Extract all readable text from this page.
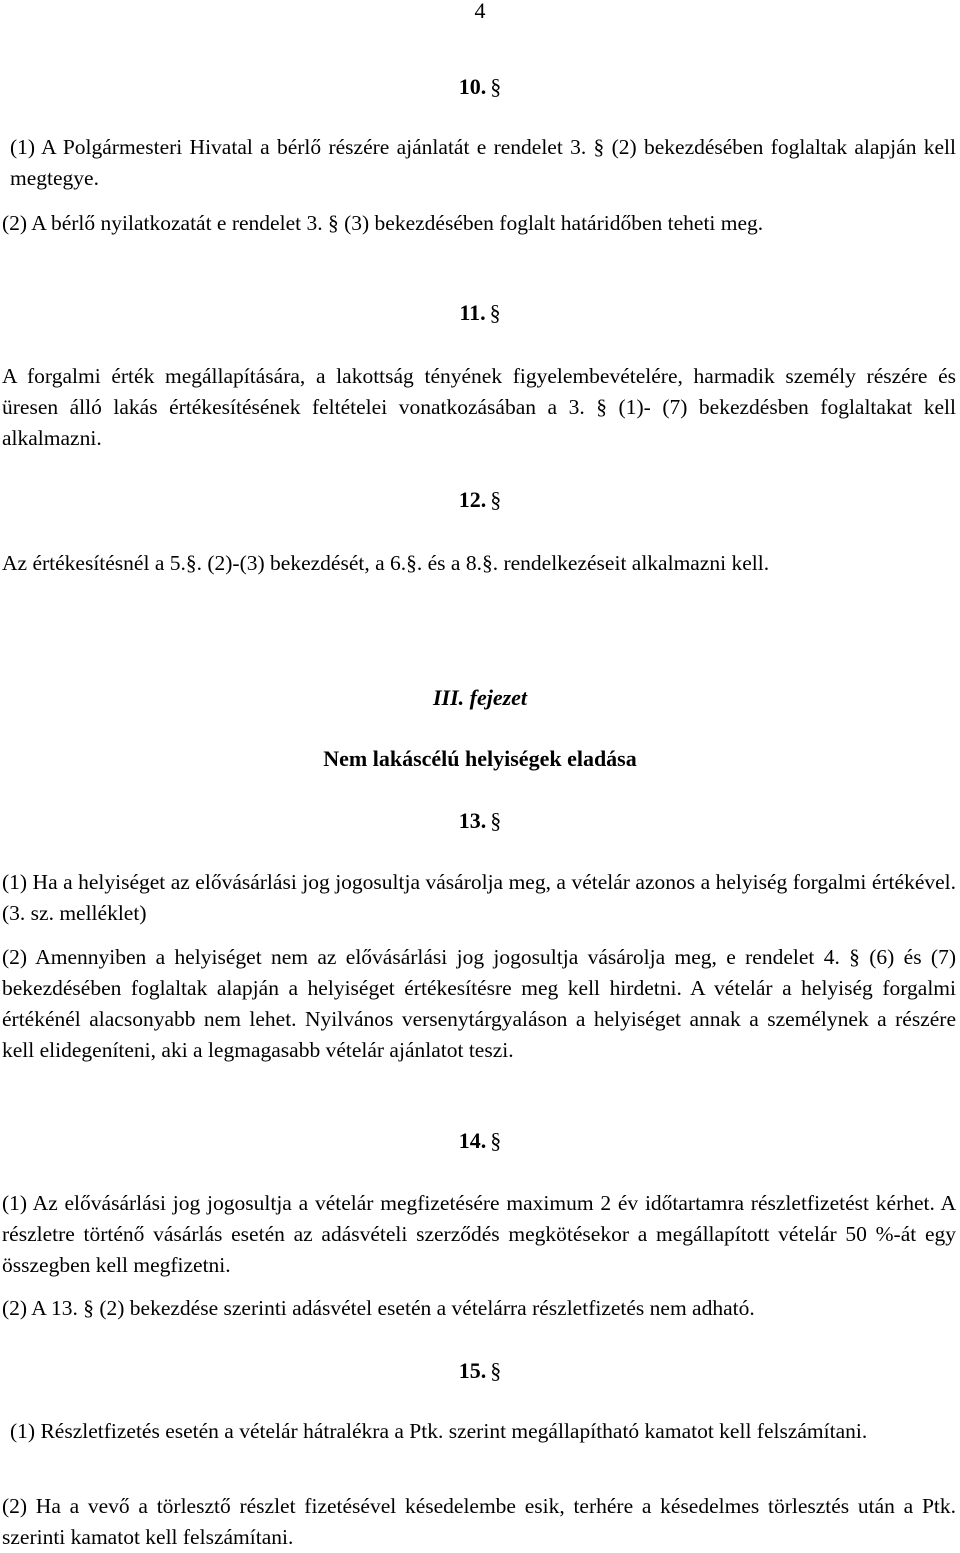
4
10. §
(1) A Polgármesteri Hivatal a bérlő részére ajánlatát e rendelet 3. § (2) bekezdésében foglaltak alapján kell megtegye.
(2) A bérlő nyilatkozatát e rendelet 3. § (3) bekezdésében foglalt határidőben teheti meg.
11. §
A forgalmi érték megállapítására, a lakottság tényének figyelembevételére, harmadik személy részére és üresen álló lakás értékesítésének feltételei vonatkozásában a 3. § (1)- (7) bekezdésben foglaltakat kell alkalmazni.
12. §
Az értékesítésnél a 5.§. (2)-(3) bekezdését, a 6.§. és a 8.§. rendelkezéseit alkalmazni kell.
III. fejezet
Nem lakáscélú helyiségek eladása
13. §
(1) Ha a helyiséget az elővásárlási jog jogosultja vásárolja meg, a vételár azonos a helyiség forgalmi értékével. (3. sz. melléklet)
(2) Amennyiben a helyiséget nem az elővásárlási jog jogosultja vásárolja meg, e rendelet 4. § (6) és (7) bekezdésében foglaltak alapján a helyiséget értékesítésre meg kell hirdetni. A vételár a helyiség forgalmi értékénél alacsonyabb nem lehet. Nyilvános versenytárgyaláson a helyiséget annak a személynek a részére kell elidegeníteni, aki a legmagasabb vételár ajánlatot teszi.
14. §
(1) Az elővásárlási jog jogosultja a vételár megfizetésére maximum 2 év időtartamra részletfizetést kérhet. A részletre történő vásárlás esetén az adásvételi szerződés megkötésekor a megállapított vételár 50 %-át egy összegben kell megfizetni.
(2) A 13. § (2) bekezdése szerinti adásvétel esetén a vételárra részletfizetés nem adható.
15. §
(1) Részletfizetés esetén a vételár hátralékra a Ptk. szerint megállapítható kamatot kell felszámítani.
(2) Ha a vevő a törlesztő részlet fizetésével késedelembe esik, terhére a késedelmes törlesztés után a Ptk. szerinti kamatot kell felszámítani.
